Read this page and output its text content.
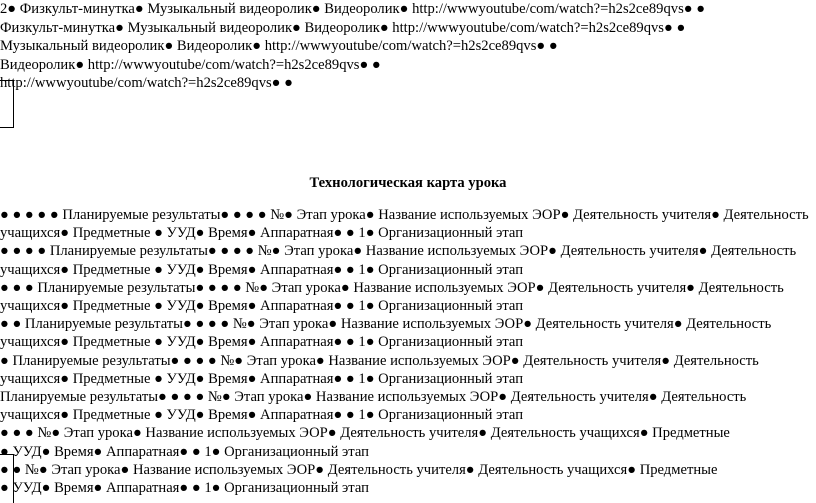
2● Физкульт-минутка● Музыкальный видеоролик● Видеоролик● http://wwwyoutube/com/watch?=h2s2ce89qvs● ●
Физкульт-минутка● Музыкальный видеоролик● Видеоролик● http://wwwyoutube/com/watch?=h2s2ce89qvs● ●
Музыкальный видеоролик● Видеоролик● http://wwwyoutube/com/watch?=h2s2ce89qvs● ●
Видеоролик● http://wwwyoutube/com/watch?=h2s2ce89qvs● ●
http://wwwyoutube/com/watch?=h2s2ce89qvs● ●
Технологическая карта урока
● ● ● ● ● Планируемые результаты● ● ● ● №● Этап урока● Название используемых ЭОР● Деятельность учителя● Деятельность
учащихся● Предметные ● УУД● Время● Аппаратная● ● 1● Организационный этап
● ● ● ● Планируемые результаты● ● ● ● №● Этап урока● Название используемых ЭОР● Деятельность учителя● Деятельность
учащихся● Предметные ● УУД● Время● Аппаратная● ● 1● Организационный этап
● ● ● Планируемые результаты● ● ● ● №● Этап урока● Название используемых ЭОР● Деятельность учителя● Деятельность
учащихся● Предметные ● УУД● Время● Аппаратная● ● 1● Организационный этап
● ● Планируемые результаты● ● ● ● №● Этап урока● Название используемых ЭОР● Деятельность учителя● Деятельность
учащихся● Предметные ● УУД● Время● Аппаратная● ● 1● Организационный этап
● Планируемые результаты● ● ● ● №● Этап урока● Название используемых ЭОР● Деятельность учителя● Деятельность
учащихся● Предметные ● УУД● Время● Аппаратная● ● 1● Организационный этап
Планируемые результаты● ● ● ● №● Этап урока● Название используемых ЭОР● Деятельность учителя● Деятельность
учащихся● Предметные ● УУД● Время● Аппаратная● ● 1● Организационный этап
● ● ● №● Этап урока● Название используемых ЭОР● Деятельность учителя● Деятельность учащихся● Предметные
● УУД● Время● Аппаратная● ● 1● Организационный этап
● ● №● Этап урока● Название используемых ЭОР● Деятельность учителя● Деятельность учащихся● Предметные
● УУД● Время● Аппаратная● ● 1● Организационный этап
